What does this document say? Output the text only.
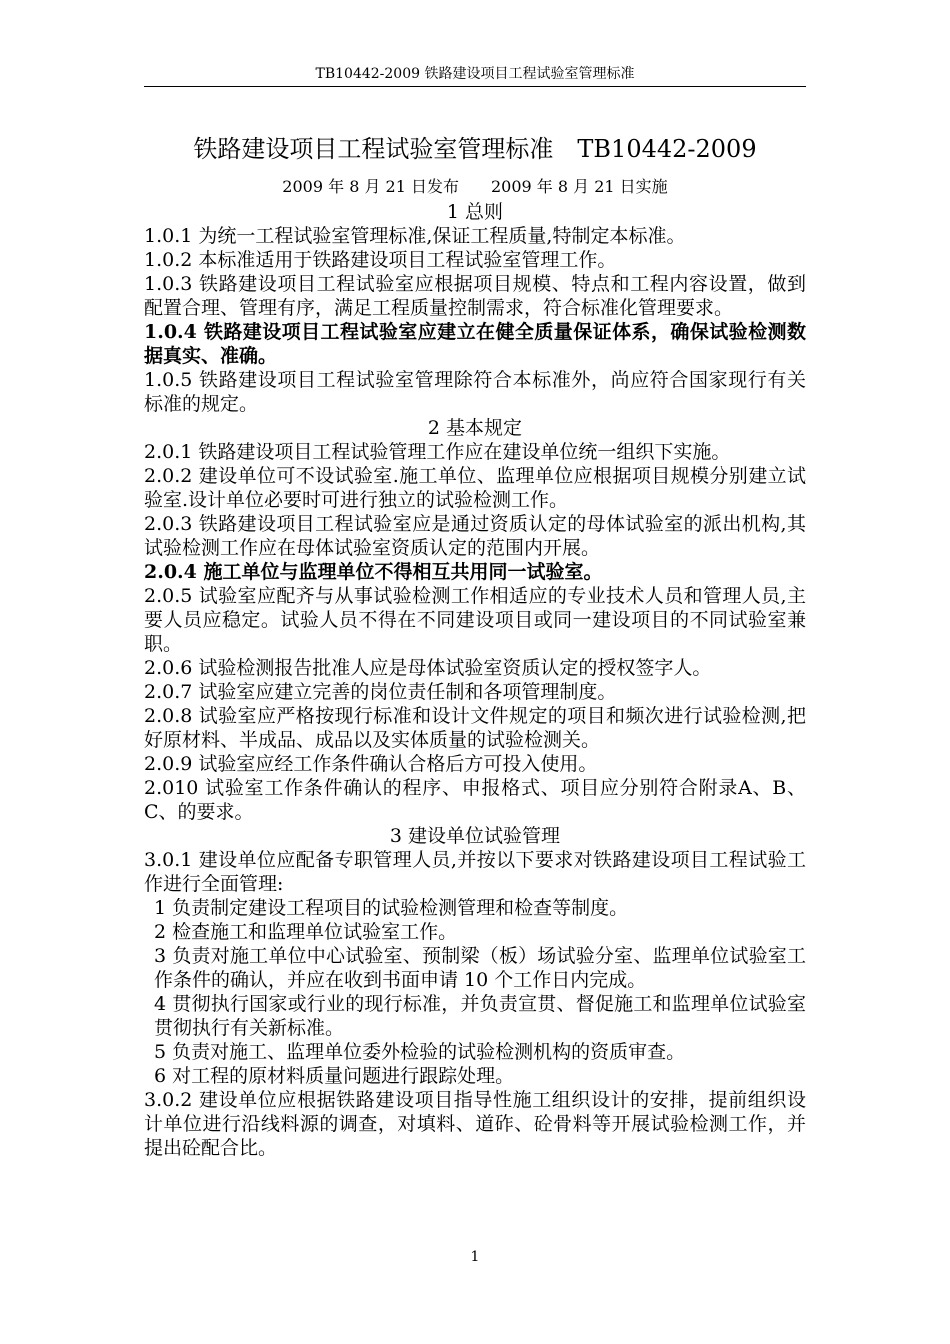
TB10442-2009 铁路建设项目工程试验室管理标准
铁路建设项目工程试验室管理标准　TB10442-2009
2009 年 8 月 21 日发布　　2009 年 8 月 21 日实施

1 总则

1.0.1 为统一工程试验室管理标准,保证工程质量,特制定本标准。

1.0.2 本标准适用于铁路建设项目工程试验室管理工作。

1.0.3 铁路建设项目工程试验室应根据项目规模、特点和工程内容设置，做到配置合理、管理有序，满足工程质量控制需求，符合标准化管理要求。

1.0.4 铁路建设项目工程试验室应建立在健全质量保证体系，确保试验检测数据真实、准确。

1.0.5 铁路建设项目工程试验室管理除符合本标准外，尚应符合国家现行有关标准的规定。

2 基本规定

2.0.1 铁路建设项目工程试验管理工作应在建设单位统一组织下实施。

2.0.2 建设单位可不设试验室.施工单位、监理单位应根据项目规模分别建立试验室.设计单位必要时可进行独立的试验检测工作。

2.0.3 铁路建设项目工程试验室应是通过资质认定的母体试验室的派出机构,其试验检测工作应在母体试验室资质认定的范围内开展。

2.0.4 施工单位与监理单位不得相互共用同一试验室。

2.0.5 试验室应配齐与从事试验检测工作相适应的专业技术人员和管理人员,主要人员应稳定。试验人员不得在不同建设项目或同一建设项目的不同试验室兼职。

2.0.6 试验检测报告批准人应是母体试验室资质认定的授权签字人。

2.0.7 试验室应建立完善的岗位责任制和各项管理制度。

2.0.8 试验室应严格按现行标准和设计文件规定的项目和频次进行试验检测,把好原材料、半成品、成品以及实体质量的试验检测关。

2.0.9 试验室应经工作条件确认合格后方可投入使用。

2.010 试验室工作条件确认的程序、申报格式、项目应分别符合附录A、B、C、的要求。

3 建设单位试验管理

3.0.1 建设单位应配备专职管理人员,并按以下要求对铁路建设项目工程试验工作进行全面管理:

1 负责制定建设工程项目的试验检测管理和检查等制度。

2 检查施工和监理单位试验室工作。

3 负责对施工单位中心试验室、预制梁（板）场试验分室、监理单位试验室工作条件的确认，并应在收到书面申请 10 个工作日内完成。

4 贯彻执行国家或行业的现行标准，并负责宣贯、督促施工和监理单位试验室贯彻执行有关新标准。

5 负责对施工、监理单位委外检验的试验检测机构的资质审查。

6 对工程的原材料质量问题进行跟踪处理。

3.0.2 建设单位应根据铁路建设项目指导性施工组织设计的安排，提前组织设计单位进行沿线料源的调查，对填料、道砟、砼骨料等开展试验检测工作，并提出砼配合比。

1
